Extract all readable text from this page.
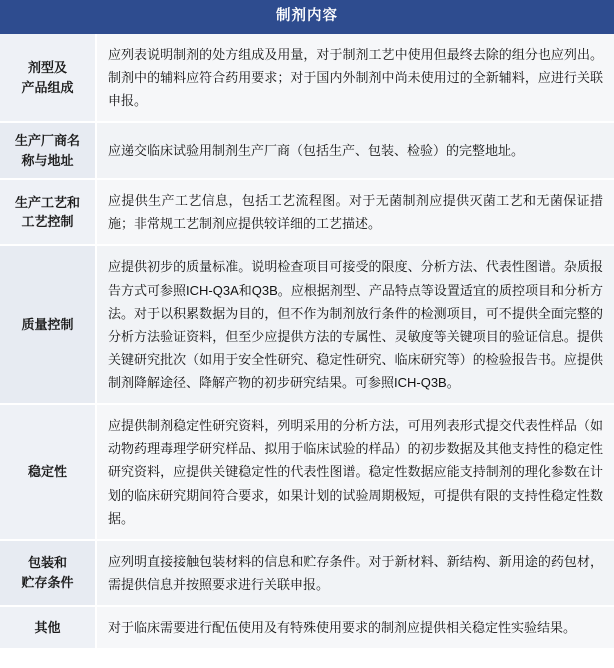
制剂内容	

剂型及
产品组成	应列表说明制剂的处方组成及用量，对于制剂工艺中使用但最终去除的组分也应列出。制剂中的辅料应符合药用要求；对于国内外制剂中尚未使用过的全新辅料，应进行关联申报。

生产厂商名
称与地址	应递交临床试验用制剂生产厂商（包括生产、包装、检验）的完整地址。

生产工艺和
工艺控制	应提供生产工艺信息，包括工艺流程图。对于无菌制剂应提供灭菌工艺和无菌保证措施；非常规工艺制剂应提供较详细的工艺描述。

质量控制	应提供初步的质量标准。说明检查项目可接受的限度、分析方法、代表性图谱。杂质报告方式可参照ICH-Q3A和Q3B。应根据剂型、产品特点等设置适宜的质控项目和分析方法。对于以积累数据为目的，但不作为制剂放行条件的检测项目，可不提供全面完整的分析方法验证资料，但至少应提供方法的专属性、灵敏度等关键项目的验证信息。提供关键研究批次（如用于安全性研究、稳定性研究、临床研究等）的检验报告书。应提供制剂降解途径、降解产物的初步研究结果。可参照ICH-Q3B。

稳定性	应提供制剂稳定性研究资料，列明采用的分析方法，可用列表形式提交代表性样品（如动物药理毒理学研究样品、拟用于临床试验的样品）的初步数据及其他支持性的稳定性研究资料，应提供关键稳定性的代表性图谱。稳定性数据应能支持制剂的理化参数在计划的临床研究期间符合要求，如果计划的试验周期极短，可提供有限的支持性稳定性数据。

包装和
贮存条件	应列明直接接触包装材料的信息和贮存条件。对于新材料、新结构、新用途的药包材，需提供信息并按照要求进行关联申报。

其他	对于临床需要进行配伍使用及有特殊使用要求的制剂应提供相关稳定性实验结果。
